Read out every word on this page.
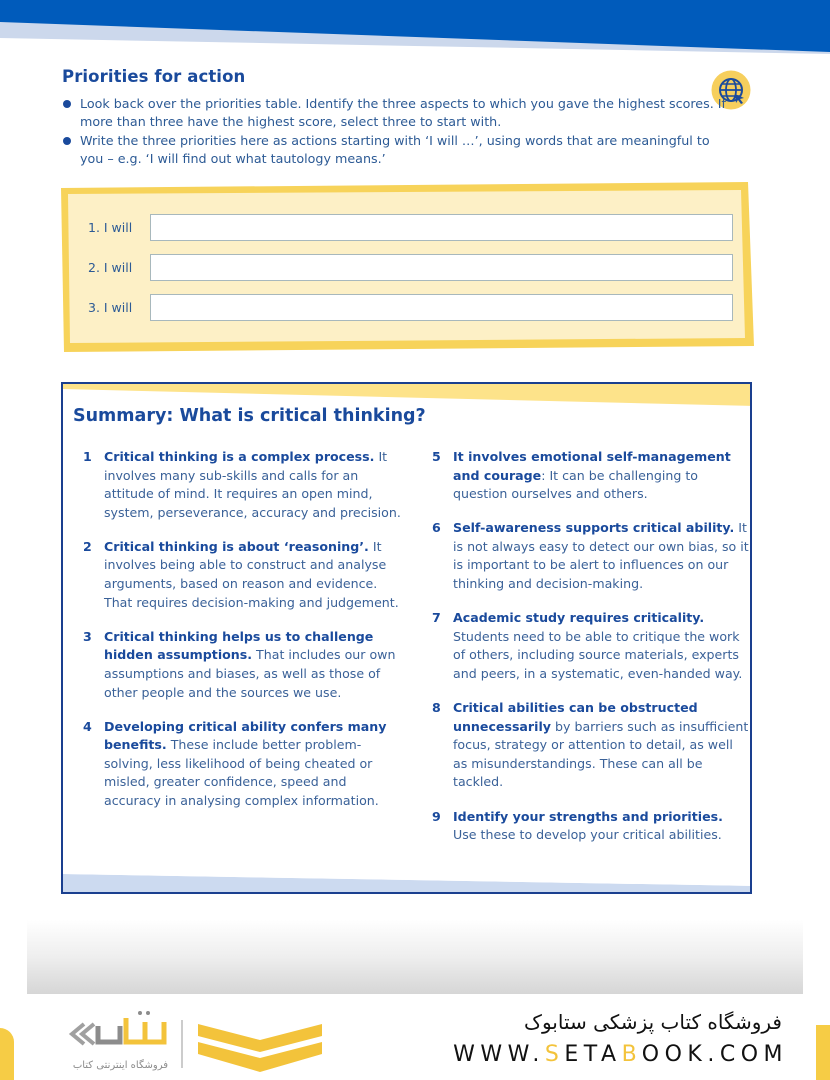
Priorities for action
Look back over the priorities table. Identify the three aspects to which you gave the highest scores. If more than three have the highest score, select three to start with.
Write the three priorities here as actions starting with ‘I will …’, using words that are meaningful to you – e.g. ‘I will find out what tautology means.’
1. I will
2. I will
3. I will
Summary: What is critical thinking?
1 Critical thinking is a complex process. It involves many sub-skills and calls for an attitude of mind. It requires an open mind, system, perseverance, accuracy and precision.
2 Critical thinking is about ‘reasoning’. It involves being able to construct and analyse arguments, based on reason and evidence. That requires decision-making and judgement.
3 Critical thinking helps us to challenge hidden assumptions. That includes our own assumptions and biases, as well as those of other people and the sources we use.
4 Developing critical ability confers many benefits. These include better problem-solving, less likelihood of being cheated or misled, greater confidence, speed and accuracy in analysing complex information.
5 It involves emotional self-management and courage: It can be challenging to question ourselves and others.
6 Self-awareness supports critical ability. It is not always easy to detect our own bias, so it is important to be alert to influences on our thinking and decision-making.
7 Academic study requires criticality. Students need to be able to critique the work of others, including source materials, experts and peers, in a systematic, even-handed way.
8 Critical abilities can be obstructed unnecessarily by barriers such as insufficient focus, strategy or attention to detail, as well as misunderstandings. These can all be tackled.
9 Identify your strengths and priorities. Use these to develop your critical abilities.
فروشگاه اینترنتی کتاب
فروشگاه کتاب پزشکی ستابوک
WWW.SETABOOK.COM
